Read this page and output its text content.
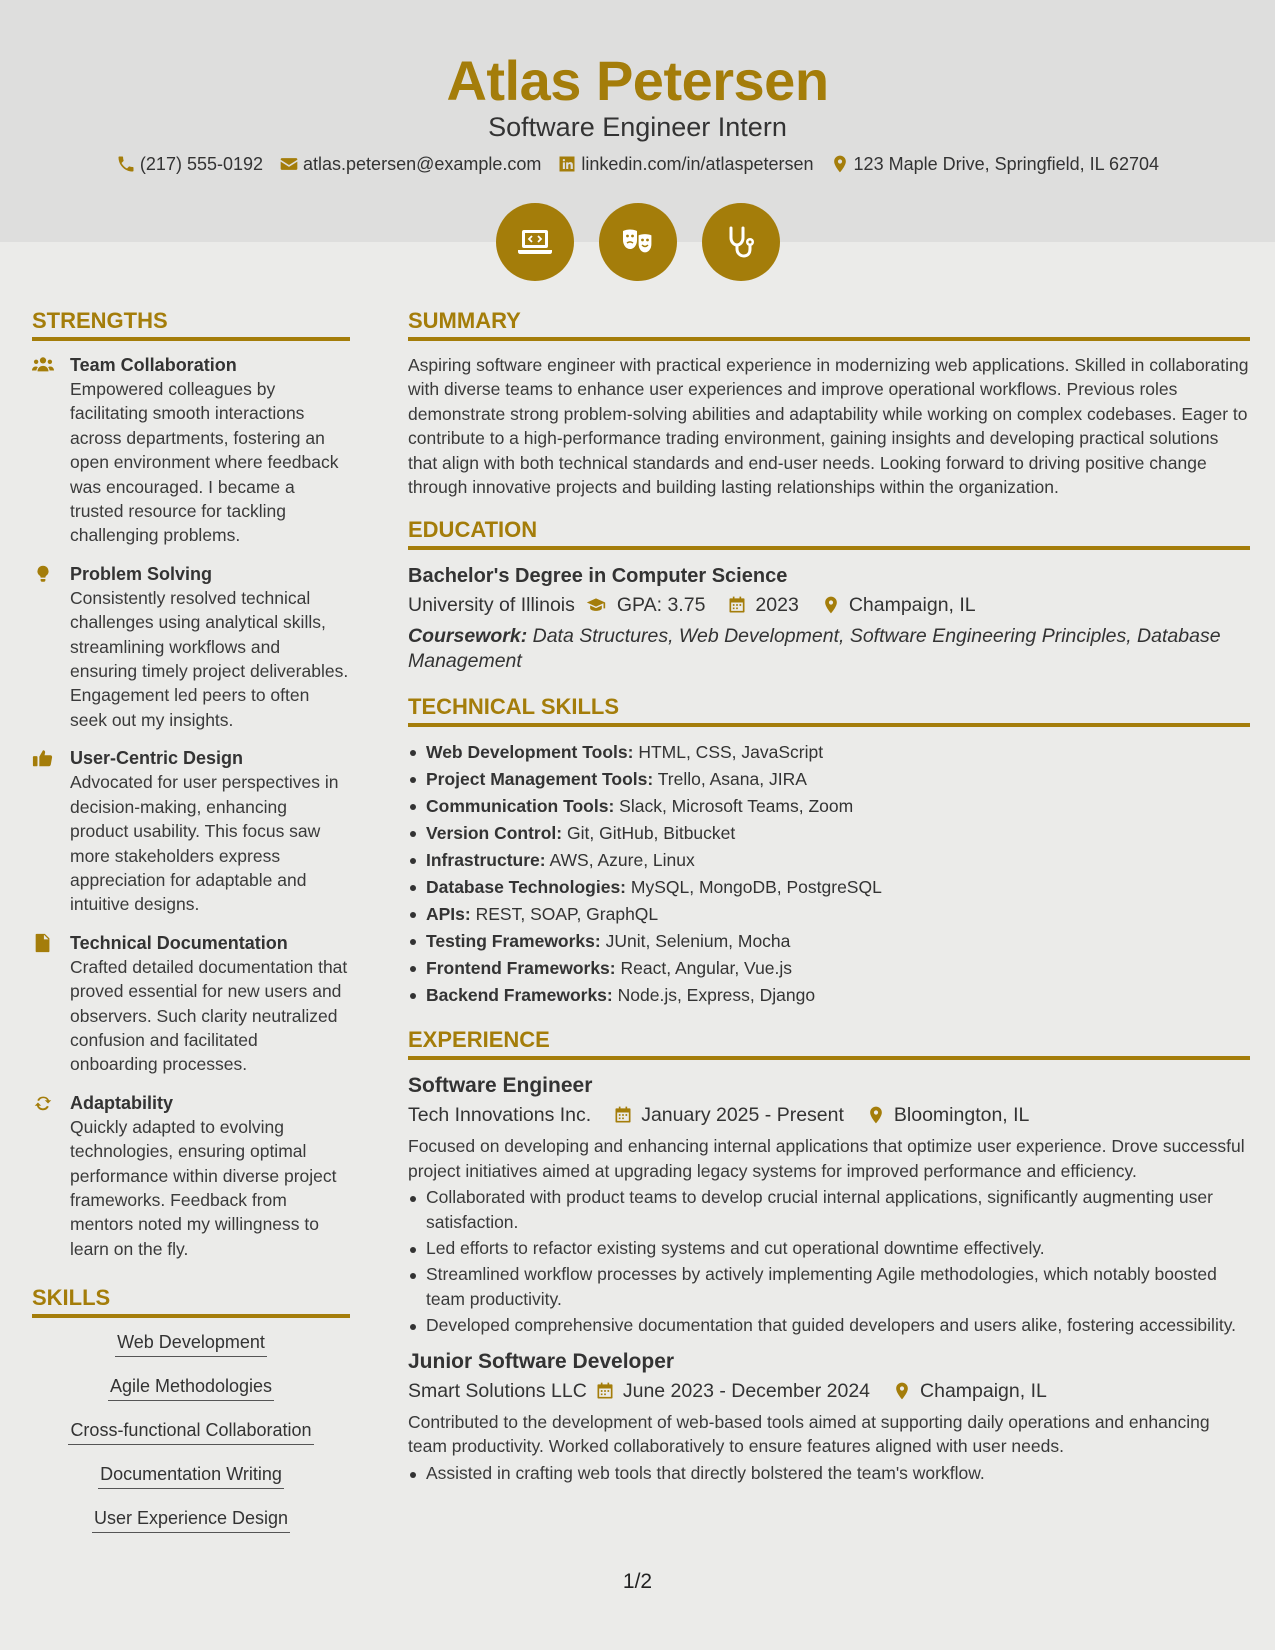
Atlas Petersen
Software Engineer Intern
(217) 555-0192 atlas.petersen@example.com linkedin.com/in/atlaspetersen 123 Maple Drive, Springfield, IL 62704
STRENGTHS
Team Collaboration

Empowered colleagues by facilitating smooth interactions across departments, fostering an open environment where feedback was encouraged. I became a trusted resource for tackling challenging problems.

Problem Solving

Consistently resolved technical challenges using analytical skills, streamlining workflows and ensuring timely project deliverables. Engagement led peers to often seek out my insights.

User-Centric Design

Advocated for user perspectives in decision-making, enhancing product usability. This focus saw more stakeholders express appreciation for adaptable and intuitive designs.

Technical Documentation

Crafted detailed documentation that proved essential for new users and observers. Such clarity neutralized confusion and facilitated onboarding processes.

Adaptability

Quickly adapted to evolving technologies, ensuring optimal performance within diverse project frameworks. Feedback from mentors noted my willingness to learn on the fly.

SKILLS
Web Development
Agile Methodologies
Cross-functional Collaboration
Documentation Writing
User Experience Design
SUMMARY

Aspiring software engineer with practical experience in modernizing web applications. Skilled in collaborating with diverse teams to enhance user experiences and improve operational workflows. Previous roles demonstrate strong problem-solving abilities and adaptability while working on complex codebases. Eager to contribute to a high-performance trading environment, gaining insights and developing practical solutions that align with both technical standards and end-user needs. Looking forward to driving positive change through innovative projects and building lasting relationships within the organization.

EDUCATION
Bachelor's Degree in Computer Science
University of Illinois GPA: 3.75	2023	Champaign, IL
Coursework: Data Structures, Web Development, Software Engineering Principles, Database Management
TECHNICAL SKILLS
Web Development Tools: HTML, CSS, JavaScript
Project Management Tools: Trello, Asana, JIRA
Communication Tools: Slack, Microsoft Teams, Zoom
Version Control: Git, GitHub, Bitbucket
Infrastructure: AWS, Azure, Linux
Database Technologies: MySQL, MongoDB, PostgreSQL
APIs: REST, SOAP, GraphQL
Testing Frameworks: JUnit, Selenium, Mocha
Frontend Frameworks: React, Angular, Vue.js
Backend Frameworks: Node.js, Express, Django
EXPERIENCE
Software Engineer
Tech Innovations Inc.	January 2025 - Present	Bloomington, IL

Focused on developing and enhancing internal applications that optimize user experience. Drove successful project initiatives aimed at upgrading legacy systems for improved performance and efficiency.

Collaborated with product teams to develop crucial internal applications, significantly augmenting user satisfaction.
Led efforts to refactor existing systems and cut operational downtime effectively.
Streamlined workflow processes by actively implementing Agile methodologies, which notably boosted team productivity.
Developed comprehensive documentation that guided developers and users alike, fostering accessibility.
Junior Software Developer
Smart Solutions LLC June 2023 - December 2024	Champaign, IL

Contributed to the development of web-based tools aimed at supporting daily operations and enhancing team productivity. Worked collaboratively to ensure features aligned with user needs.

Assisted in crafting web tools that directly bolstered the team's workflow.
1/2
